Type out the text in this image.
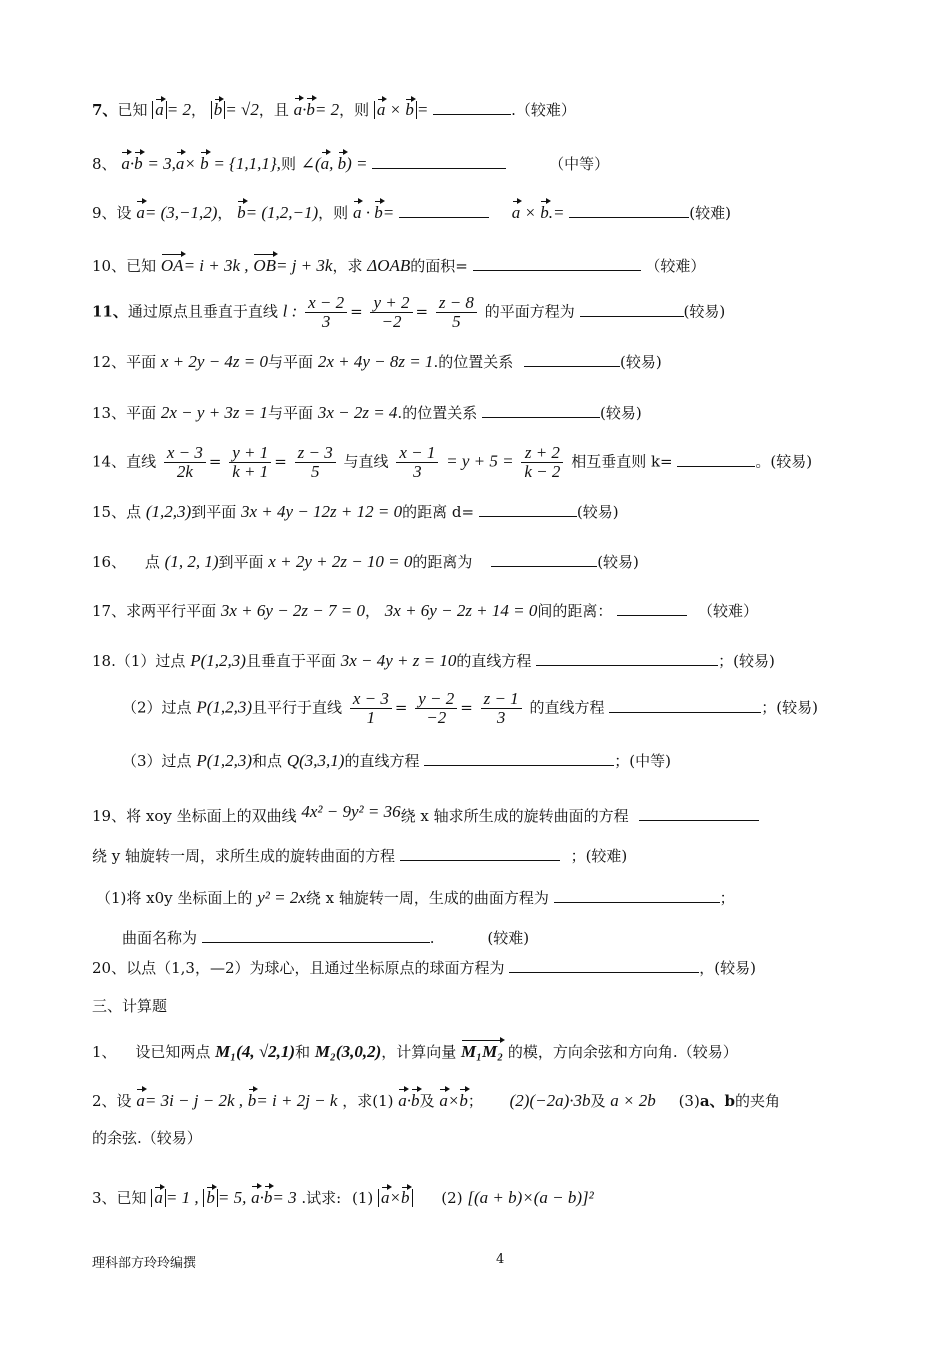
7、已知 a = 2， b = √2，且 a·b= 2，则 a × b =	.（较难）
8、 a·b = 3,a× b = {1,1,1},则 ∠(a, b) =	（中等）
9、设 a= (3,−1,2)， b= (1,2,−1)，则 a · b=	a × b.=	(较难)
10、已知 OA= i + 3k , OB= j + 3k，求 ΔOAB的面积=	（较难）
11、通过原点且垂直于直线 l : $\frac{x - 2}{3} = \frac{y + 2}{-2} = \frac{z - 8}{5}$ 的平面方程为	(较易)
12、平面 x + 2y − 4z = 0与平面 2x + 4y − 8z = 1.的位置关系	(较易)
13、平面 2x − y + 3z = 1与平面 3x − 2z = 4.的位置关系	(较易)
14、直线 $\frac{x - 3}{2k} = \frac{y + 1}{k + 1} = \frac{z - 3}{5}$ 与直线 $\frac{x - 1}{3} = y + 5 = \frac{z + 2}{k - 2}$ 相互垂直则 k=	。(较易)
15、点 (1,2,3)到平面 3x + 4y − 12z + 12 = 0的距离 d=	(较易)
16、 点 (1, 2, 1)到平面 x + 2y + 2z − 10 = 0的距离为	(较易)
17、求两平行平面 3x + 6y − 2z − 7 = 0， 3x + 6y − 2z + 14 = 0间的距离：	（较难）
18.（1）过点 P(1,2,3)且垂直于平面 3x − 4y + z = 10的直线方程	；(较易)
（2）过点 P(1,2,3)且平行于直线 $\frac{x - 3}{1} = \frac{y - 2}{-2} = \frac{z - 1}{3}$ 的直线方程	；(较易)
（3）过点 P(1,2,3)和点 Q(3,3,1)的直线方程	；(中等)
19、将 xoy 坐标面上的双曲线 4x² − 9y² = 36绕 x 轴求所生成的旋转曲面的方程
绕 y 轴旋转一周，求所生成的旋转曲面的方程	；(较难)
（1)将 x0y 坐标面上的 y² = 2x绕 x 轴旋转一周，生成的曲面方程为	；
曲面名称为	.	(较难)
20、以点（1,3，—2）为球心，且通过坐标原点的球面方程为	，(较易)
三、计算题
1、 设已知两点 M₁(4, √2,1)和 M₂(3,0,2)，计算向量 M₁M₂ 的模，方向余弦和方向角.（较易）
2、设 a= 3i − j − 2k , b= i + 2j − k ，求(1) a·b及 a×b； (2)(−2a)·3b及 a × 2b (3)a、b的夹角
的余弦.（较易）
3、已知 a = 1 , b = 5, a·b= 3 .试求: (1) a×b (2) [(a + b)×(a − b)]²
理科部方玲玲编撰	4
